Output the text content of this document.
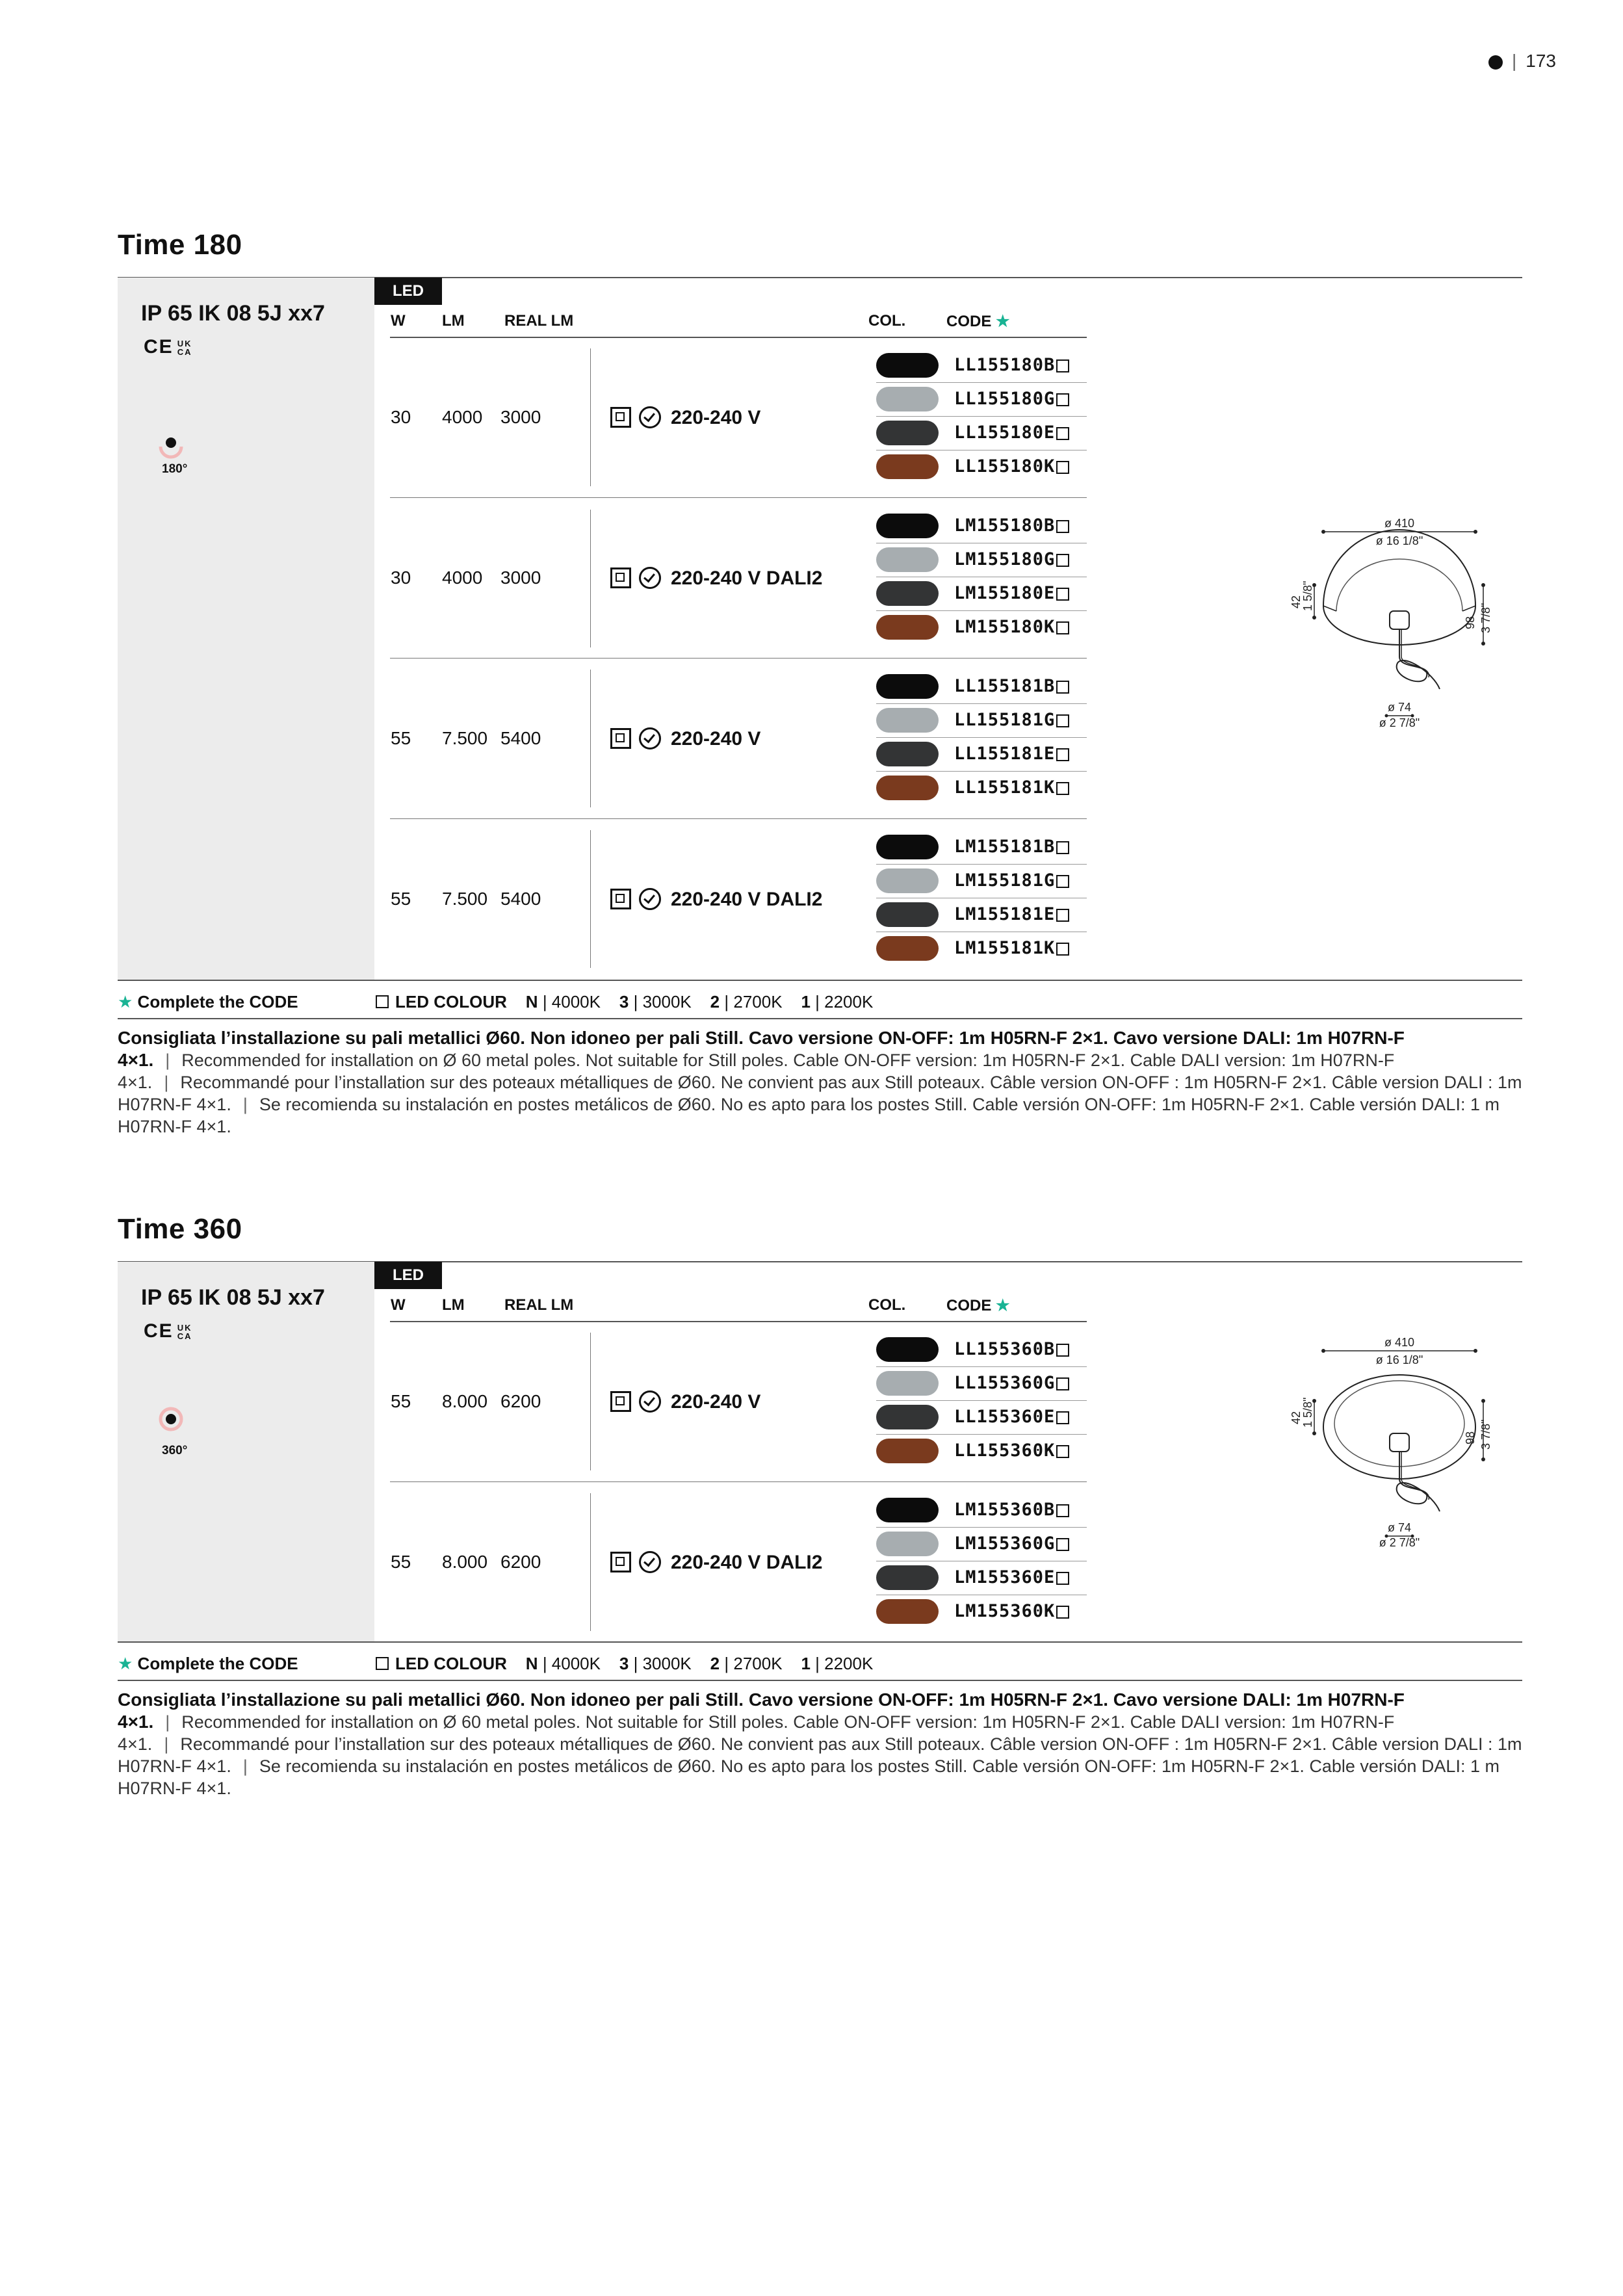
| 173
Time 180
IP 65 IK 08 5J xx7
CE UK
CA
180°
LED
W LM	REAL LM	COL.	CODE ★
30 4000 3000	220-240 V
LL155180B
LL155180G
LL155180E
LL155180K
30 4000 3000	220-240 V DALI2
LM155180B
LM155180G
LM155180E
LM155180K
55 7.500 5400	220-240 V
LL155181B
LL155181G
LL155181E
LL155181K
55 7.500 5400	220-240 V DALI2
LM155181B
LM155181G
LM155181E
LM155181K
ø 410
ø 16 1/8"
42
1 5/8"
98 3 7/8"
ø 74
ø 2 7/8"
★ Complete the CODE	LED COLOUR N | 4000K 3 | 3000K 2 | 2700K 1 | 2200K
Consigliata l’installazione su pali metallici Ø60. Non idoneo per pali Still. Cavo versione ON-OFF: 1m H05RN-F 2×1. Cavo versione DALI: 1m H07RN-F 4×1. | Recommended for installation on Ø 60 metal poles. Not suitable for Still poles. Cable ON-OFF version: 1m H05RN-F 2×1. Cable DALI version: 1m H07RN-F 4×1. | Recommandé pour l’installation sur des poteaux métalliques de Ø60. Ne convient pas aux Still poteaux. Câble version ON-OFF : 1m H05RN-F 2×1. Câble version DALI : 1m H07RN-F 4×1. | Se recomienda su instalación en postes metálicos de Ø60. No es apto para los postes Still. Cable versión ON-OFF: 1m H05RN-F 2×1. Cable versión DALI: 1 m H07RN-F 4×1.
Time 360
IP 65 IK 08 5J xx7
CE UK
CA
360°
LED
W LM	REAL LM	COL.	CODE ★
55 8.000 6200	220-240 V
LL155360B
LL155360G
LL155360E
LL155360K
55 8.000 6200	220-240 V DALI2
LM155360B
LM155360G
LM155360E
LM155360K
ø 410
ø 16 1/8"
42
1 5/8"
98 3 7/8"
ø 74
ø 2 7/8"
★ Complete the CODE	LED COLOUR N | 4000K 3 | 3000K 2 | 2700K 1 | 2200K
Consigliata l’installazione su pali metallici Ø60. Non idoneo per pali Still. Cavo versione ON-OFF: 1m H05RN-F 2×1. Cavo versione DALI: 1m H07RN-F 4×1. | Recommended for installation on Ø 60 metal poles. Not suitable for Still poles. Cable ON-OFF version: 1m H05RN-F 2×1. Cable DALI version: 1m H07RN-F 4×1. | Recommandé pour l’installation sur des poteaux métalliques de Ø60. Ne convient pas aux Still poteaux. Câble version ON-OFF : 1m H05RN-F 2×1. Câble version DALI : 1m H07RN-F 4×1. | Se recomienda su instalación en postes metálicos de Ø60. No es apto para los postes Still. Cable versión ON-OFF: 1m H05RN-F 2×1. Cable versión DALI: 1 m H07RN-F 4×1.
